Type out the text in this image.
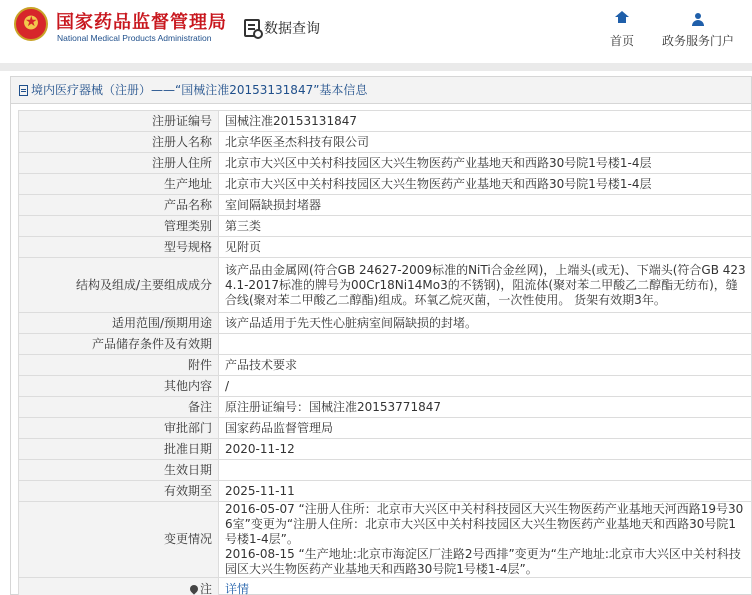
★
国家药品监督管理局
National Medical Products Administration
数据查询
首页 政务服务门户
境内医疗器械（注册） ——“国械注准20153131847”基本信息
注册证编号	国械注准20153131847
注册人名称	北京华医圣杰科技有限公司
注册人住所	北京市大兴区中关村科技园区大兴生物医药产业基地天和西路30号院1号楼1-4层
生产地址	北京市大兴区中关村科技园区大兴生物医药产业基地天和西路30号院1号楼1-4层
产品名称	室间隔缺损封堵器
管理类别	第三类
型号规格	见附页
结构及组成/主要组成成分	该产品由金属网(符合GB 24627-2009标准的NiTi合金丝网)，上端头(或无)、下端头(符合GB 4234.1-2017标准的牌号为00Cr18Ni14Mo3的不锈钢)，阻流体(聚对苯二甲酸乙二醇酯无纺布)，缝合线(聚对苯二甲酸乙二醇酯)组成。环氧乙烷灭菌，一次性使用。 货架有效期3年。
适用范围/预期用途	该产品适用于先天性心脏病室间隔缺损的封堵。
产品储存条件及有效期	
附件	产品技术要求
其他内容	/
备注	原注册证编号：国械注准20153771847
审批部门	国家药品监督管理局
批准日期	2020-11-12
生效日期	
有效期至	2025-11-11
变更情况	2016-05-07 “注册人住所：北京市大兴区中关村科技园区大兴生物医药产业基地天河西路19号306室”变更为“注册人住所：北京市大兴区中关村科技园区大兴生物医药产业基地天和西路30号院1号楼1-4层”。
2016-08-15 “生产地址:北京市海淀区厂洼路2号西排”变更为“生产地址:北京市大兴区中关村科技园区大兴生物医药产业基地天和西路30号院1号楼1-4层”。
注	详情
